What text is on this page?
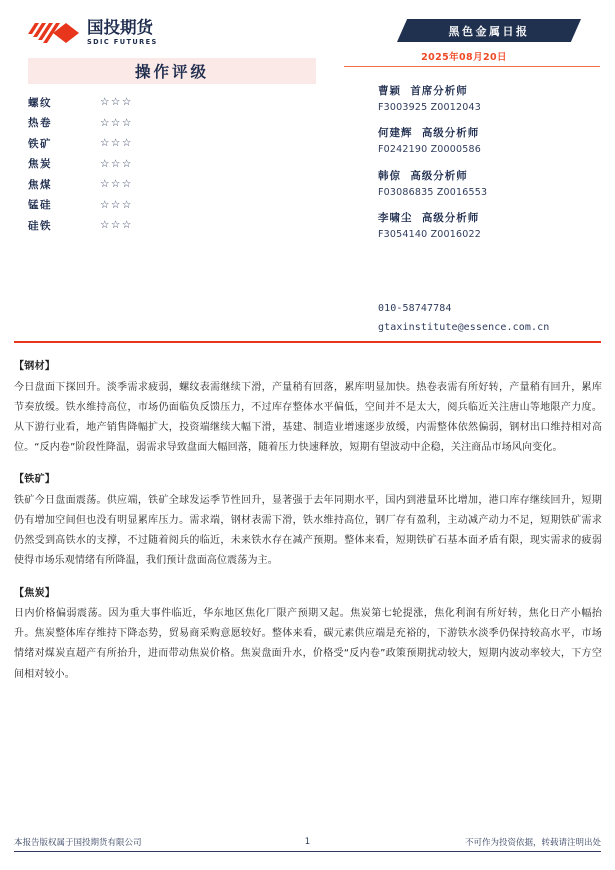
国投期货
SDIC FUTURES
操作评级
螺纹	☆☆☆
热卷	☆☆☆
铁矿	☆☆☆
焦炭	☆☆☆
焦煤	☆☆☆
锰硅	☆☆☆
硅铁	☆☆☆
黑色金属日报
2025年08月20日
曹颖 首席分析师
F3003925 Z0012043
何建辉 高级分析师
F0242190 Z0000586
韩倞 高级分析师
F03086835 Z0016553
李啸尘 高级分析师
F3054140 Z0016022
010-58747784
gtaxinstitute@essence.com.cn
【钢材】
今日盘面下探回升。淡季需求疲弱，螺纹表需继续下滑，产量稍有回落，累库明显加快。热卷表需有所好转，产量稍有回升，累库节奏放缓。铁水维持高位，市场仍面临负反馈压力，不过库存整体水平偏低，空间并不是太大，阅兵临近关注唐山等地限产力度。从下游行业看，地产销售降幅扩大，投资端继续大幅下滑，基建、制造业增速逐步放缓，内需整体依然偏弱，钢材出口维持相对高位。“反内卷”阶段性降温，弱需求导致盘面大幅回落，随着压力快速释放，短期有望波动中企稳，关注商品市场风向变化。
【铁矿】
铁矿今日盘面震荡。供应端，铁矿全球发运季节性回升，显著强于去年同期水平，国内到港量环比增加，港口库存继续回升，短期仍有增加空间但也没有明显累库压力。需求端，钢材表需下滑，铁水维持高位，钢厂存有盈利，主动减产动力不足，短期铁矿需求仍然受到高铁水的支撑，不过随着阅兵的临近，未来铁水存在减产预期。整体来看，短期铁矿石基本面矛盾有限，现实需求的疲弱使得市场乐观情绪有所降温，我们预计盘面高位震荡为主。
【焦炭】
日内价格偏弱震荡。因为重大事件临近，华东地区焦化厂限产预期又起。焦炭第七轮提涨，焦化利润有所好转，焦化日产小幅抬升。焦炭整体库存维持下降态势，贸易商采购意愿较好。整体来看，碳元素供应端是充裕的，下游铁水淡季仍保持较高水平，市场情绪对煤炭直超产有所抬升，进而带动焦炭价格。焦炭盘面升水，价格受“反内卷”政策预期扰动较大，短期内波动率较大，下方空间相对较小。
本报告版权属于国投期货有限公司	1	不可作为投资依据，转载请注明出处
